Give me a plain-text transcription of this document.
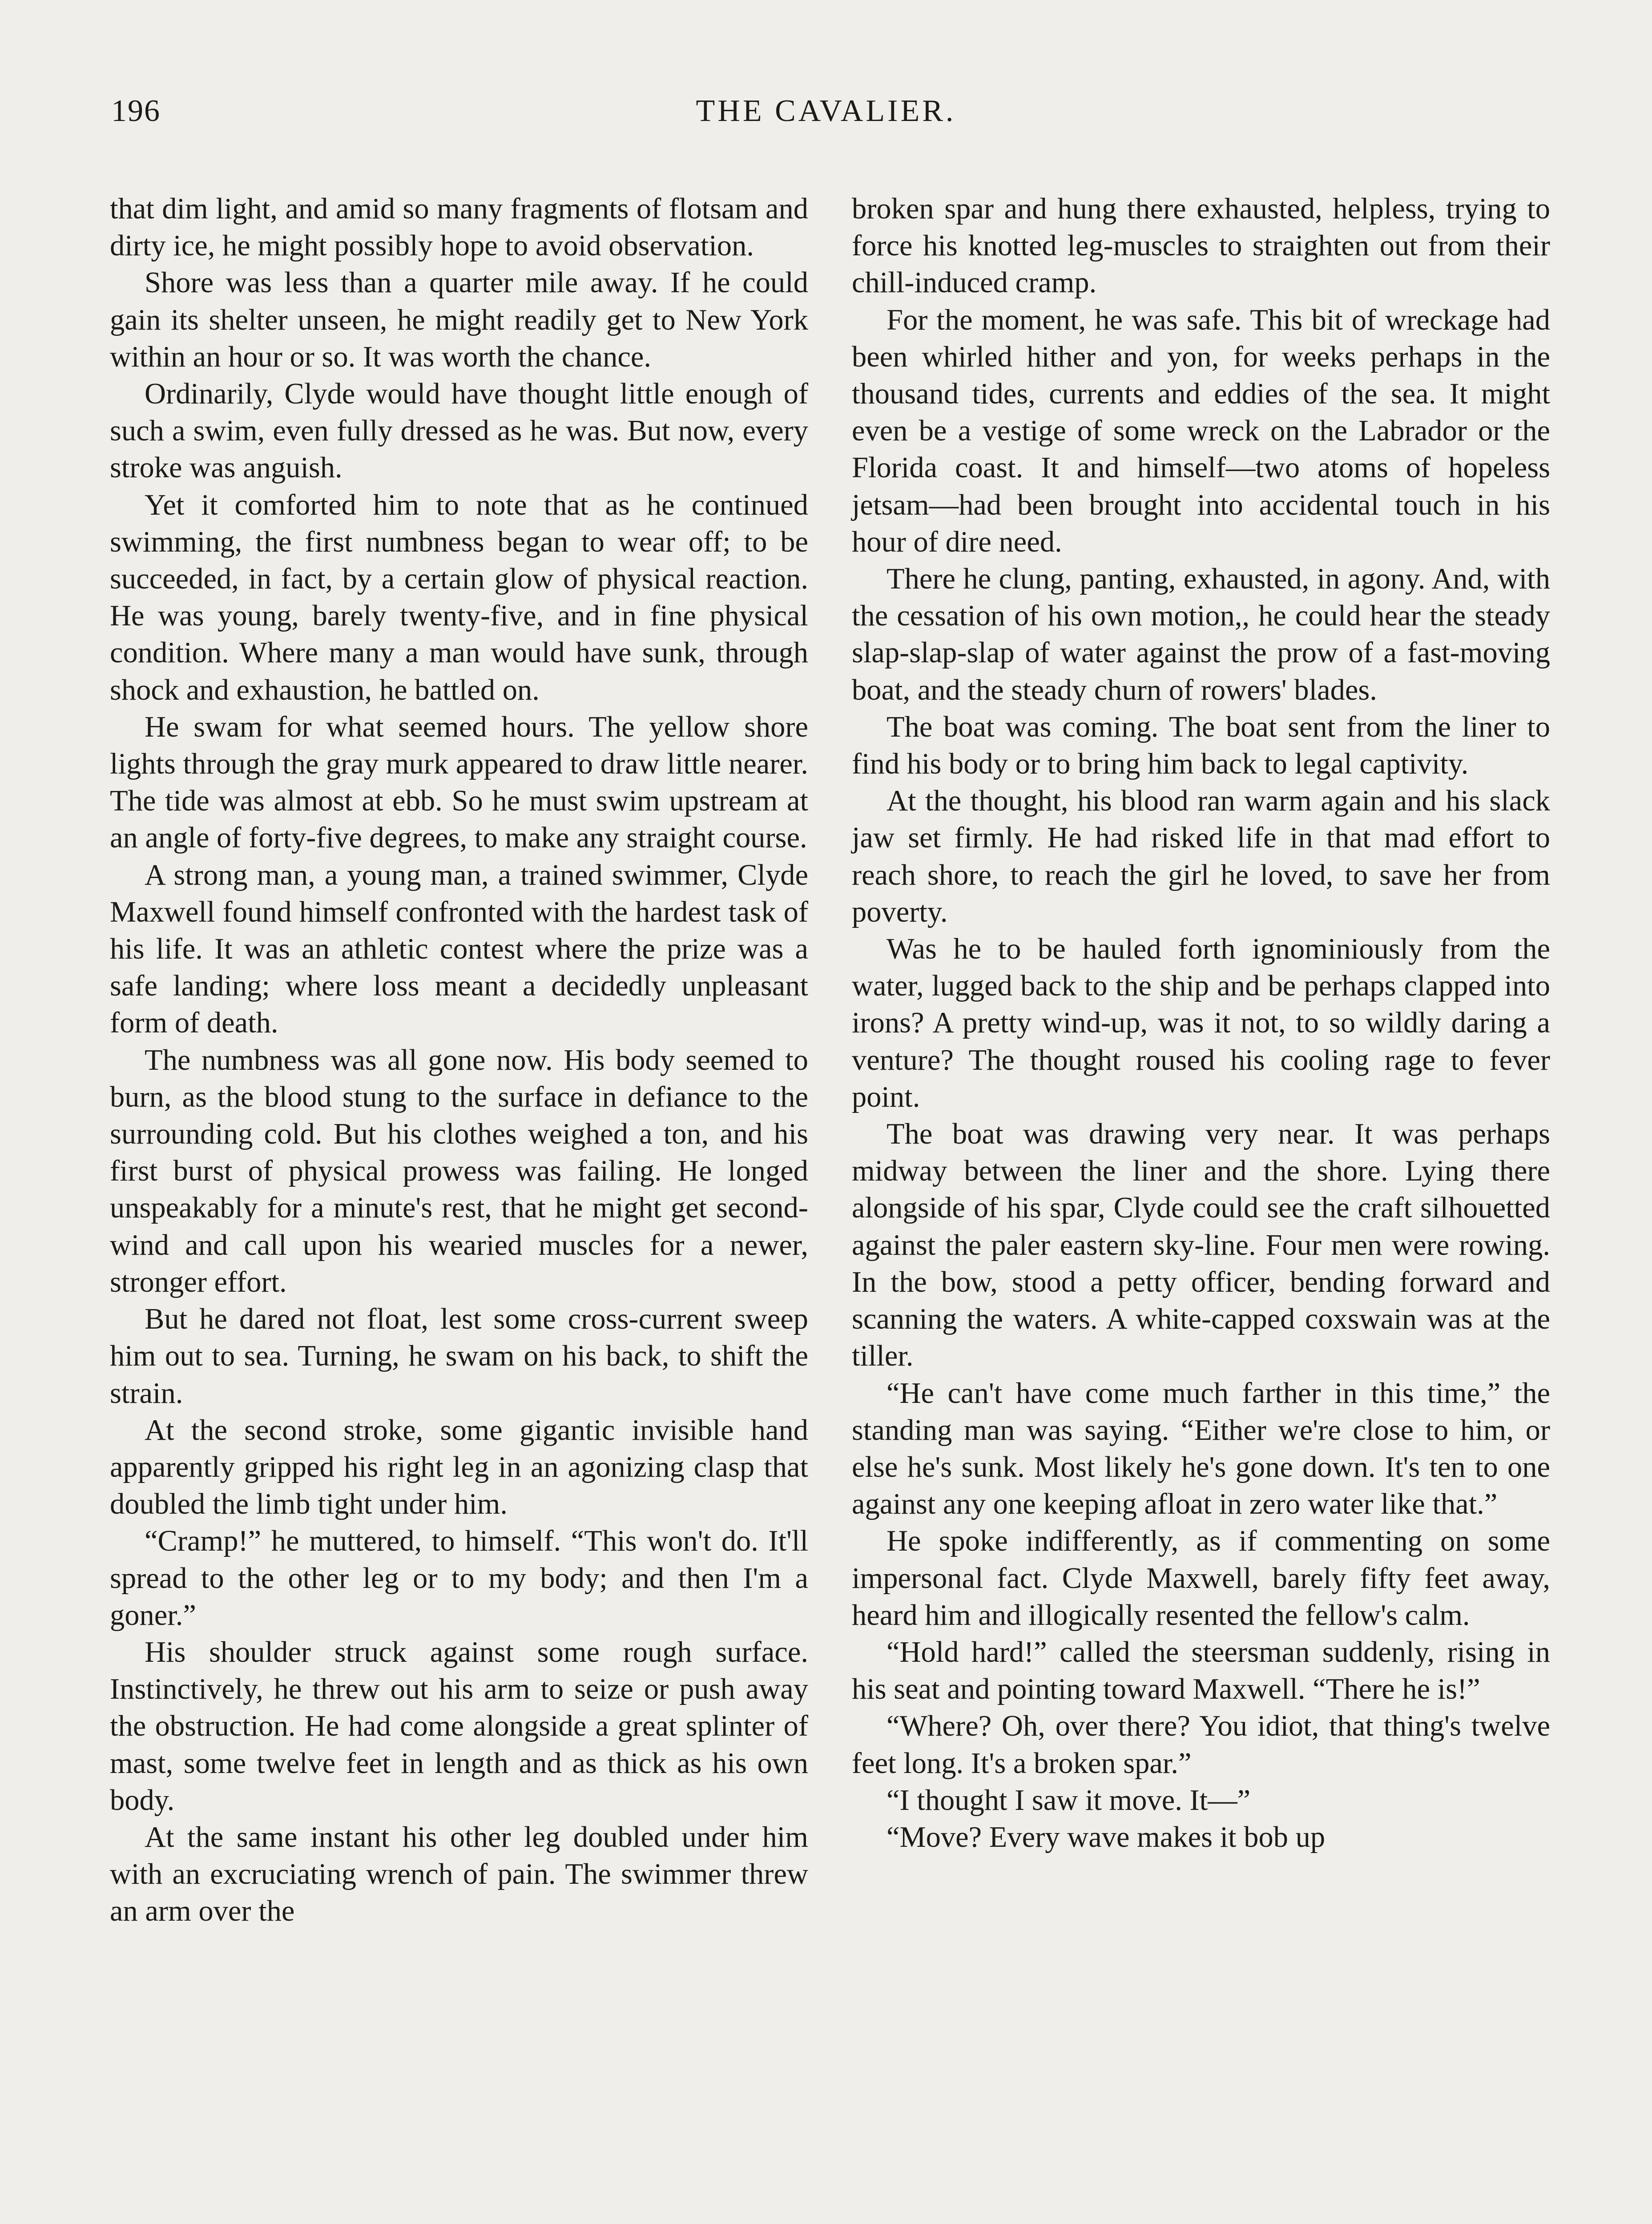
196	THE CAVALIER.

that dim light, and amid so many fragments of flotsam and dirty ice, he might possibly hope to avoid observation.

Shore was less than a quarter mile away. If he could gain its shelter unseen, he might readily get to New York within an hour or so. It was worth the chance.

Ordinarily, Clyde would have thought little enough of such a swim, even fully dressed as he was. But now, every stroke was anguish.

Yet it comforted him to note that as he continued swimming, the first numbness began to wear off; to be succeeded, in fact, by a certain glow of physical reaction. He was young, barely twenty-five, and in fine physical condition. Where many a man would have sunk, through shock and exhaustion, he battled on.

He swam for what seemed hours. The yellow shore lights through the gray murk appeared to draw little nearer. The tide was almost at ebb. So he must swim upstream at an angle of forty-five degrees, to make any straight course.

A strong man, a young man, a trained swimmer, Clyde Maxwell found himself confronted with the hardest task of his life. It was an athletic contest where the prize was a safe landing; where loss meant a decidedly unpleasant form of death.

The numbness was all gone now. His body seemed to burn, as the blood stung to the surface in defiance to the surrounding cold. But his clothes weighed a ton, and his first burst of physical prowess was failing. He longed unspeakably for a minute's rest, that he might get second-wind and call upon his wearied muscles for a newer, stronger effort.

But he dared not float, lest some cross-current sweep him out to sea. Turning, he swam on his back, to shift the strain.

At the second stroke, some gigantic invisible hand apparently gripped his right leg in an agonizing clasp that doubled the limb tight under him.

“Cramp!” he muttered, to himself. “This won't do. It'll spread to the other leg or to my body; and then I'm a goner.”

His shoulder struck against some rough surface. Instinctively, he threw out his arm to seize or push away the obstruction. He had come alongside a great splinter of mast, some twelve feet in length and as thick as his own body.

At the same instant his other leg doubled under him with an excruciating wrench of pain. The swimmer threw an arm over the

broken spar and hung there exhausted, helpless, trying to force his knotted leg-muscles to straighten out from their chill-induced cramp.

For the moment, he was safe. This bit of wreckage had been whirled hither and yon, for weeks perhaps in the thousand tides, currents and eddies of the sea. It might even be a vestige of some wreck on the Labrador or the Florida coast. It and himself—two atoms of hopeless jetsam—had been brought into accidental touch in his hour of dire need.

There he clung, panting, exhausted, in agony. And, with the cessation of his own motion,, he could hear the steady slap-slap-slap of water against the prow of a fast-moving boat, and the steady churn of rowers' blades.

The boat was coming. The boat sent from the liner to find his body or to bring him back to legal captivity.

At the thought, his blood ran warm again and his slack jaw set firmly. He had risked life in that mad effort to reach shore, to reach the girl he loved, to save her from poverty.

Was he to be hauled forth ignominiously from the water, lugged back to the ship and be perhaps clapped into irons? A pretty wind-up, was it not, to so wildly daring a venture? The thought roused his cooling rage to fever point.

The boat was drawing very near. It was perhaps midway between the liner and the shore. Lying there alongside of his spar, Clyde could see the craft silhouetted against the paler eastern sky-line. Four men were rowing. In the bow, stood a petty officer, bending forward and scanning the waters. A white-capped coxswain was at the tiller.

“He can't have come much farther in this time,” the standing man was saying. “Either we're close to him, or else he's sunk. Most likely he's gone down. It's ten to one against any one keeping afloat in zero water like that.”

He spoke indifferently, as if commenting on some impersonal fact. Clyde Maxwell, barely fifty feet away, heard him and illogically resented the fellow's calm.

“Hold hard!” called the steersman suddenly, rising in his seat and pointing toward Maxwell. “There he is!”

“Where? Oh, over there? You idiot, that thing's twelve feet long. It's a broken spar.”

“I thought I saw it move. It—”

“Move? Every wave makes it bob up
